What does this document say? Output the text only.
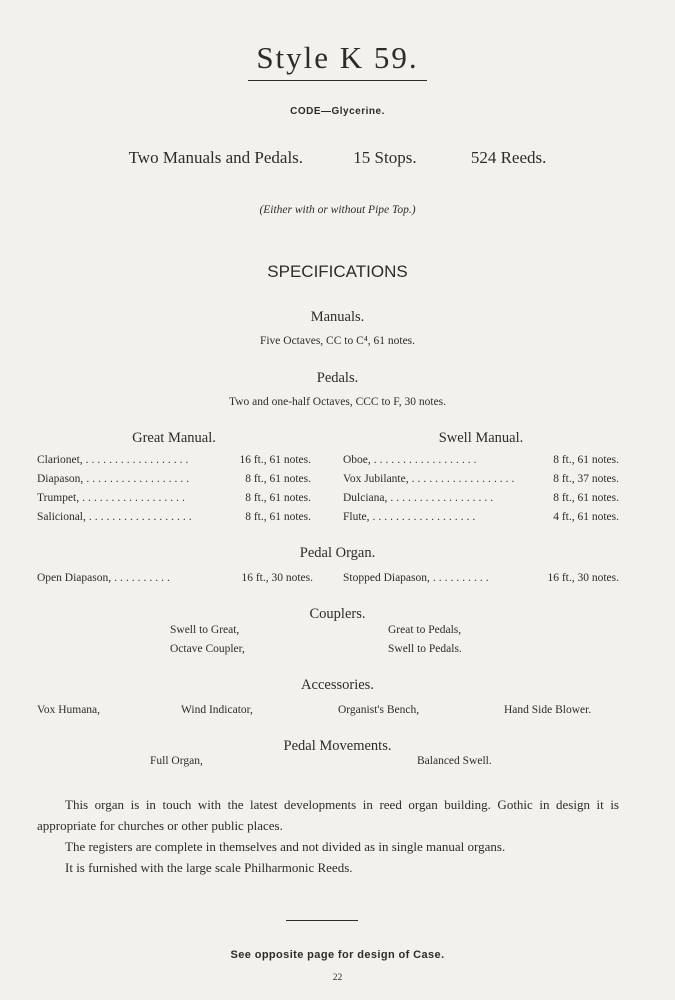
Style K 59.
CODE—Glycerine.
Two Manuals and Pedals.	15 Stops.	524 Reeds.
(Either with or without Pipe Top.)
SPECIFICATIONS
Manuals.
Five Octaves, CC to C⁴, 61 notes.
Pedals.
Two and one-half Octaves, CCC to F, 30 notes.
Great Manual.	Swell Manual.
Clarionet, ..................	16 ft., 61 notes.
Diapason, ..................	8 ft., 61 notes.
Trumpet, ..................	8 ft., 61 notes.
Salicional, ..................	8 ft., 61 notes.
Oboe, ..................	8 ft., 61 notes.
Vox Jubilante, ..................	8 ft., 37 notes.
Dulciana, ..................	8 ft., 61 notes.
Flute, ..................	4 ft., 61 notes.
Pedal Organ.
Open Diapason, ..........	16 ft., 30 notes.	Stopped Diapason, ..........	16 ft., 30 notes.
Couplers.
Swell to Great,	Great to Pedals,
Octave Coupler,	Swell to Pedals.
Accessories.
Vox Humana,	Wind Indicator,	Organist's Bench,	Hand Side Blower.
Pedal Movements.
Full Organ,	Balanced Swell.
This organ is in touch with the latest developments in reed organ building. Gothic in design it is appropriate for churches or other public places.
The registers are complete in themselves and not divided as in single manual organs.
It is furnished with the large scale Philharmonic Reeds.
See opposite page for design of Case.
22
